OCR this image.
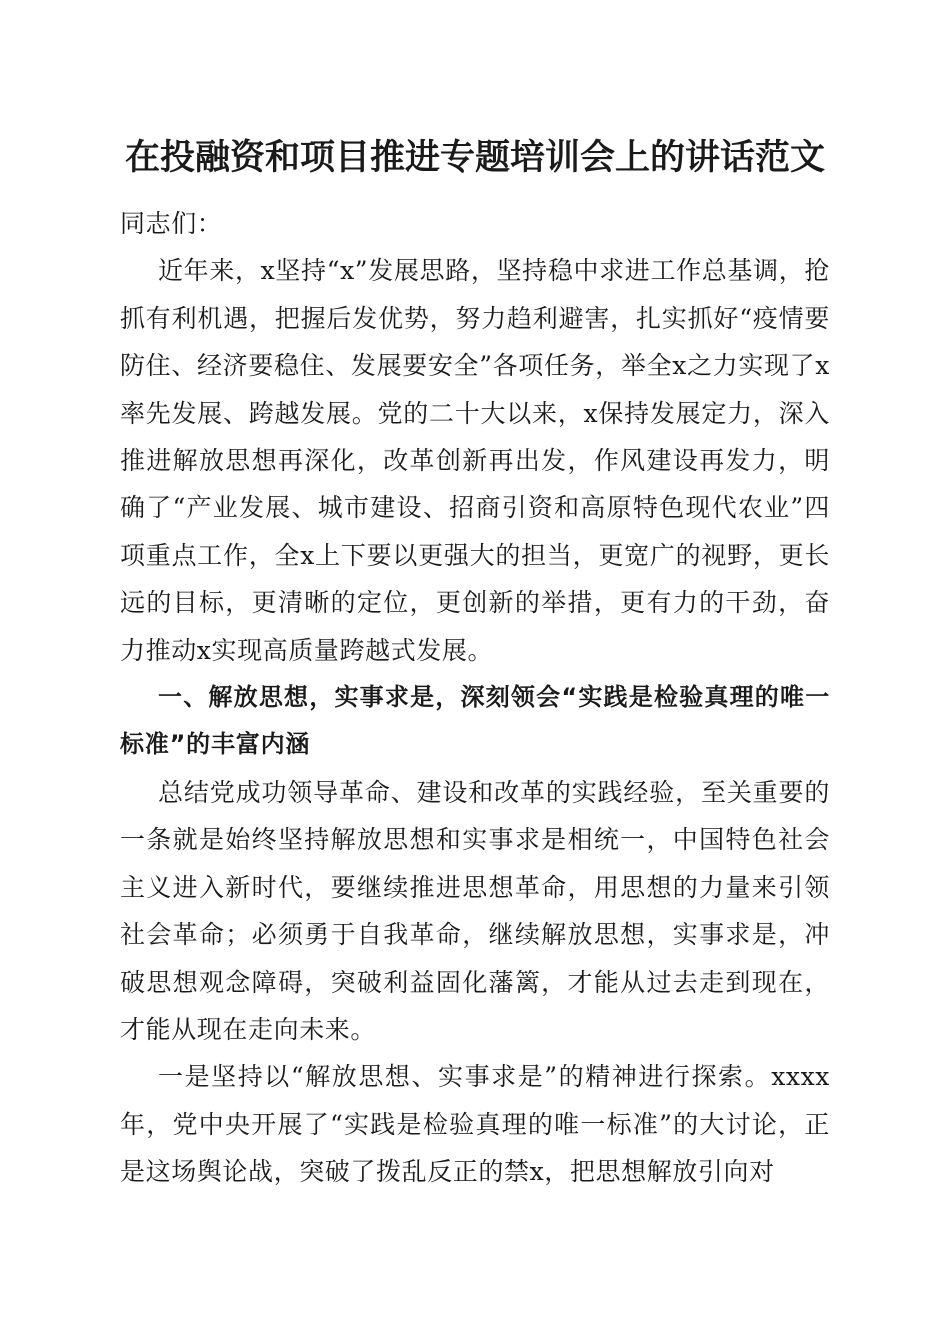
在投融资和项目推进专题培训会上的讲话范文

同志们：

近年来，x坚持“x”发展思路，坚持稳中求进工作总基调，抢抓有利机遇，把握后发优势，努力趋利避害，扎实抓好“疫情要防住、经济要稳住、发展要安全”各项任务，举全x之力实现了x率先发展、跨越发展。党的二十大以来，x保持发展定力，深入推进解放思想再深化，改革创新再出发，作风建设再发力，明确了“产业发展、城市建设、招商引资和高原特色现代农业”四项重点工作，全x上下要以更强大的担当，更宽广的视野，更长远的目标，更清晰的定位，更创新的举措，更有力的干劲，奋力推动x实现高质量跨越式发展。

一、解放思想，实事求是，深刻领会“实践是检验真理的唯一标准”的丰富内涵

总结党成功领导革命、建设和改革的实践经验，至关重要的一条就是始终坚持解放思想和实事求是相统一，中国特色社会主义进入新时代，要继续推进思想革命，用思想的力量来引领社会革命；必须勇于自我革命，继续解放思想，实事求是，冲破思想观念障碍，突破利益固化藩篱，才能从过去走到现在，才能从现在走向未来。

一是坚持以“解放思想、实事求是”的精神进行探索。xxxx年，党中央开展了“实践是检验真理的唯一标准”的大讨论，正是这场舆论战，突破了拨乱反正的禁x，把思想解放引向对
